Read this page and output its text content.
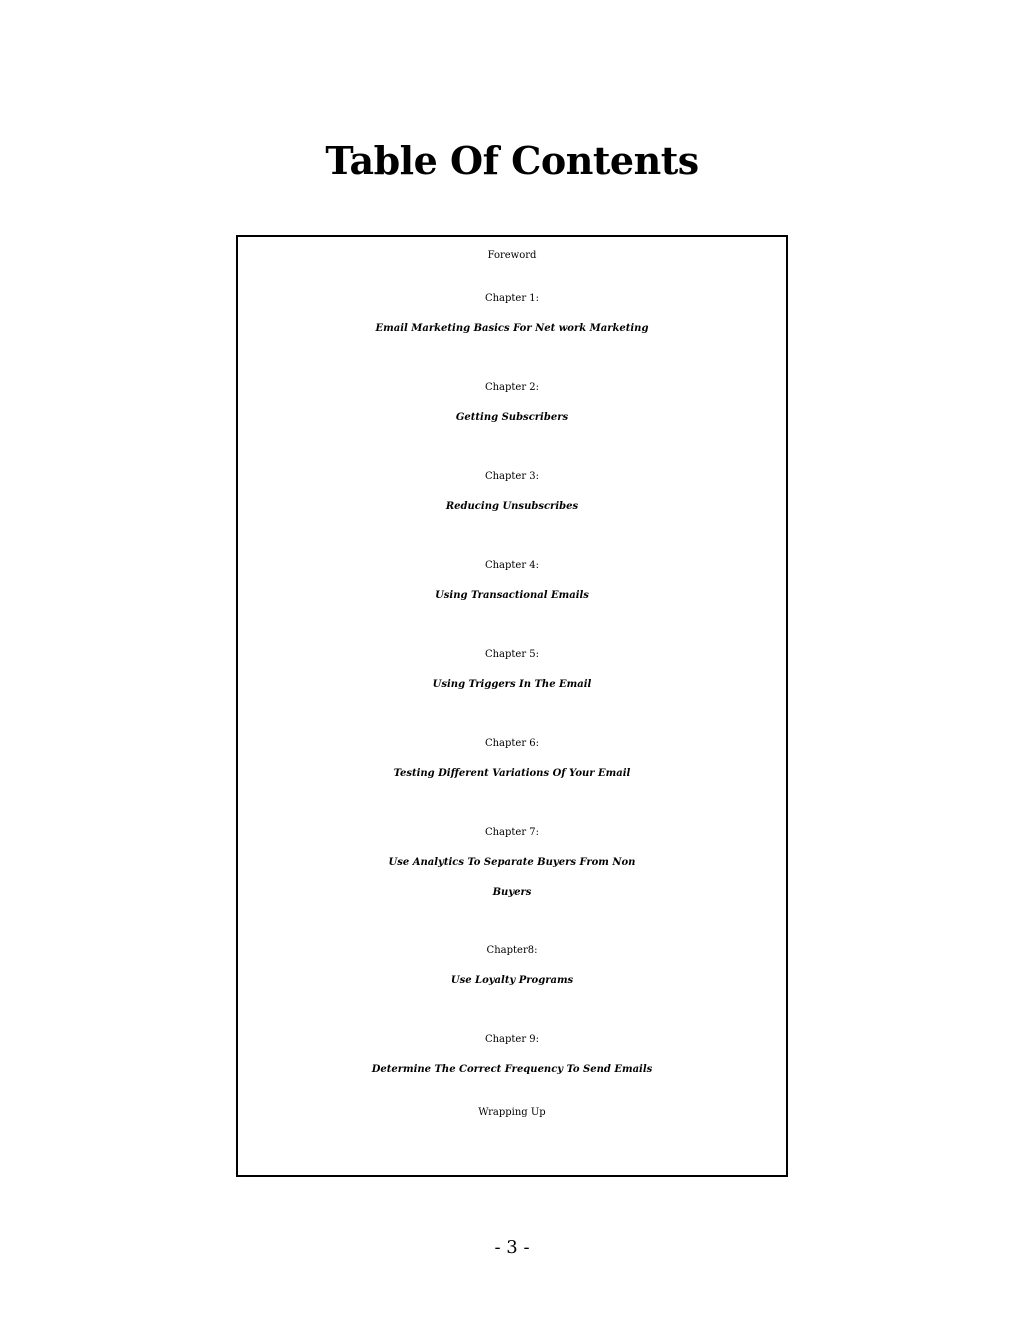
Table Of Contents
Foreword
Chapter 1:
Email Marketing Basics For Net work Marketing
Chapter 2:
Getting Subscribers
Chapter 3:
Reducing Unsubscribes
Chapter 4:
Using Transactional Emails
Chapter 5:
Using Triggers In The Email
Chapter 6:
Testing Different Variations Of Your Email
Chapter 7:
Use Analytics To Separate Buyers From Non
Buyers
Chapter8:
Use Loyalty Programs
Chapter 9:
Determine The Correct Frequency To Send Emails
Wrapping Up
- 3 -
